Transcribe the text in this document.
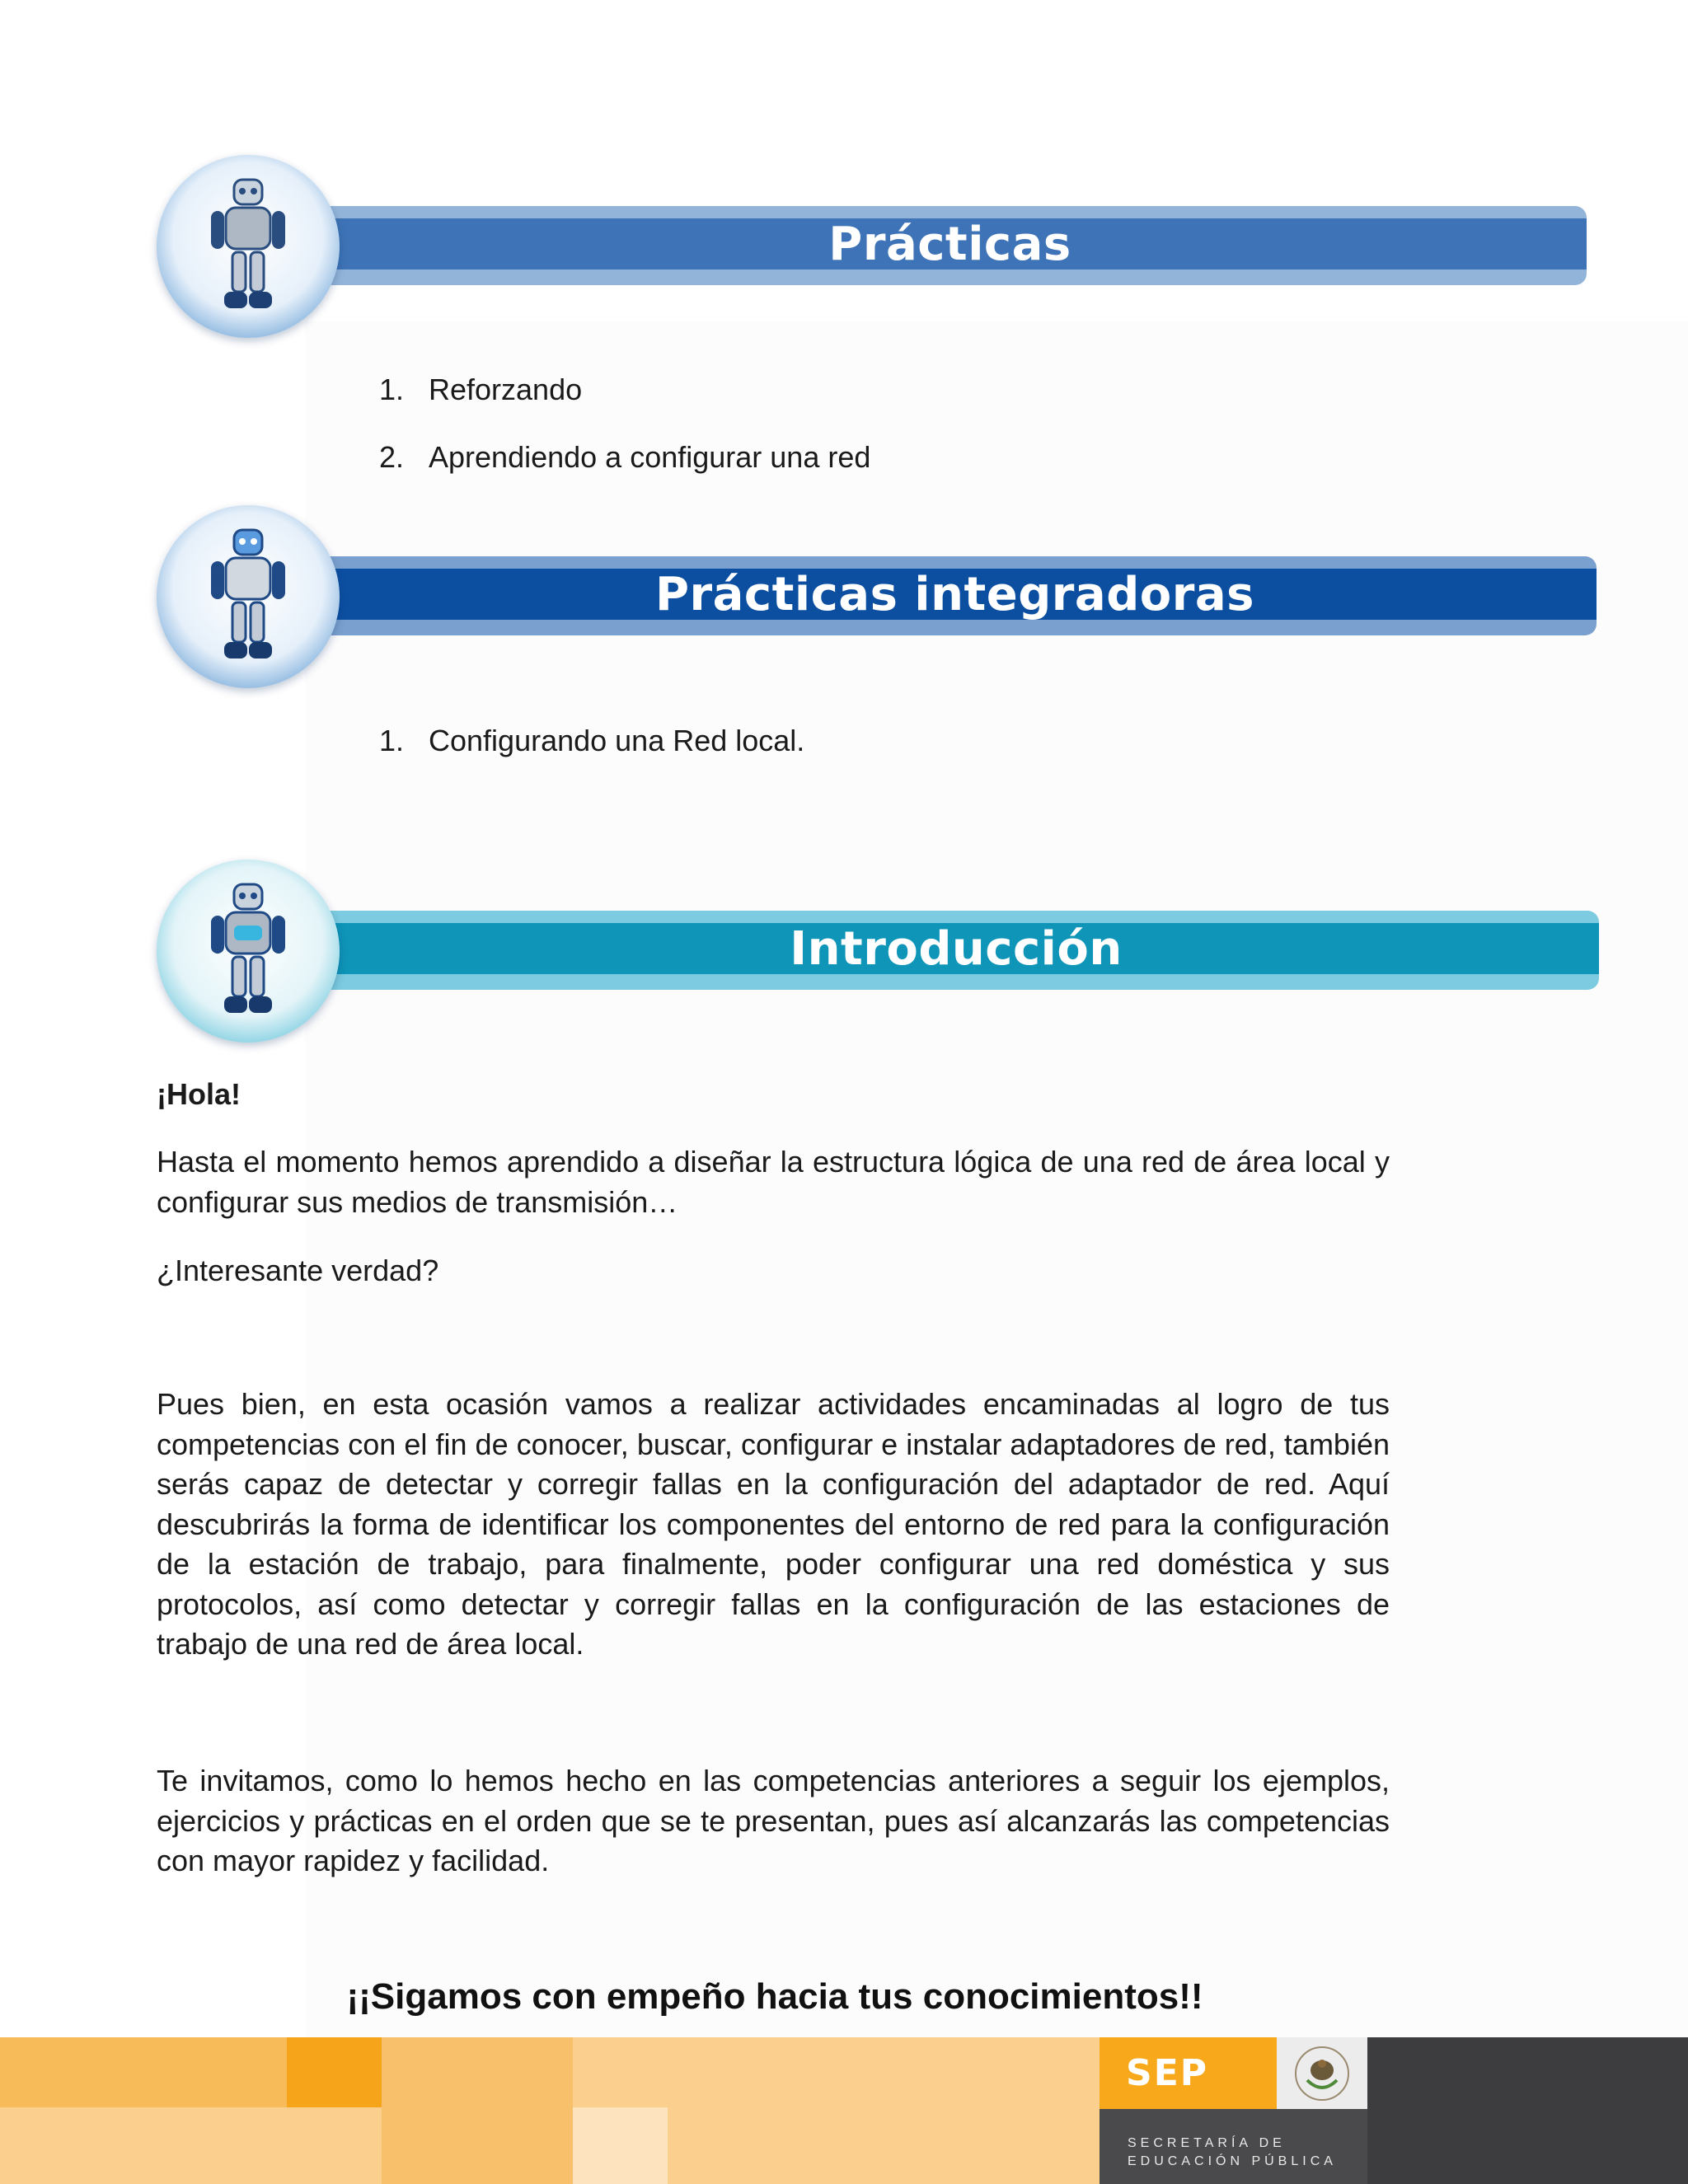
Prácticas
1. Reforzando
2. Aprendiendo a configurar una red
Prácticas integradoras
1. Configurando una Red local.
Introducción
¡Hola!
Hasta el momento hemos aprendido a diseñar la estructura lógica de una red de área local y configurar sus medios de transmisión…
¿Interesante verdad?
Pues bien, en esta ocasión vamos a realizar actividades encaminadas al logro de tus competencias con el fin de conocer, buscar, configurar e instalar adaptadores de red, también serás capaz de detectar y corregir fallas en la configuración del adaptador de red. Aquí descubrirás la forma de identificar los componentes del entorno de red para la configuración de la estación de trabajo, para finalmente, poder configurar una red doméstica y sus protocolos, así como detectar y corregir fallas en la configuración de las estaciones de trabajo de una red de área local.
Te invitamos, como lo hemos hecho en las competencias anteriores a seguir los ejemplos, ejercicios y prácticas en el orden que se te presentan, pues así alcanzarás las competencias con mayor rapidez y facilidad.
¡¡Sigamos con empeño hacia tus conocimientos!!
SEP
SECRETARÍA DE
EDUCACIÓN PÚBLICA
